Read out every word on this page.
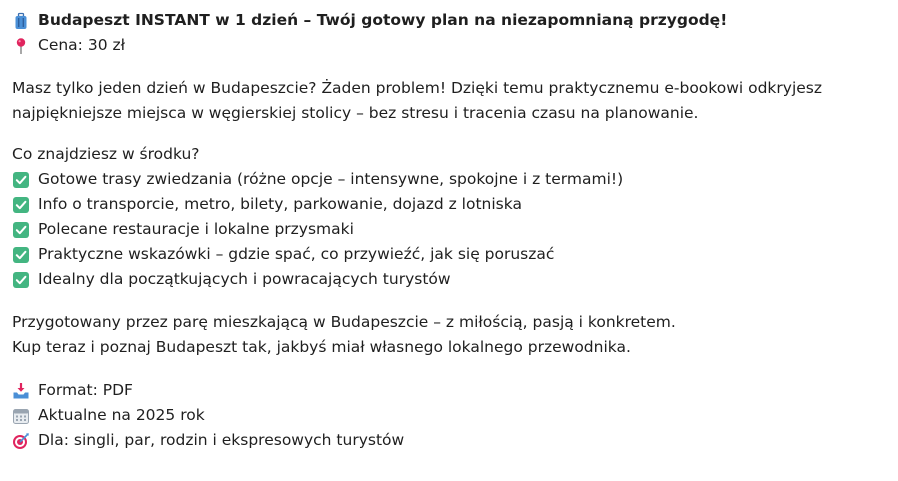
Budapeszt INSTANT w 1 dzień – Twój gotowy plan na niezapomnianą przygodę!
Cena: 30 zł
Masz tylko jeden dzień w Budapeszcie? Żaden problem! Dzięki temu praktycznemu e-bookowi odkryjesz
najpiękniejsze miejsca w węgierskiej stolicy – bez stresu i tracenia czasu na planowanie.
Co znajdziesz w środku?
Gotowe trasy zwiedzania (różne opcje – intensywne, spokojne i z termami!)
Info o transporcie, metro, bilety, parkowanie, dojazd z lotniska
Polecane restauracje i lokalne przysmaki
Praktyczne wskazówki – gdzie spać, co przywieźć, jak się poruszać
Idealny dla początkujących i powracających turystów
Przygotowany przez parę mieszkającą w Budapeszcie – z miłością, pasją i konkretem.
Kup teraz i poznaj Budapeszt tak, jakbyś miał własnego lokalnego przewodnika.
Format: PDF
Aktualne na 2025 rok
Dla: singli, par, rodzin i ekspresowych turystów
